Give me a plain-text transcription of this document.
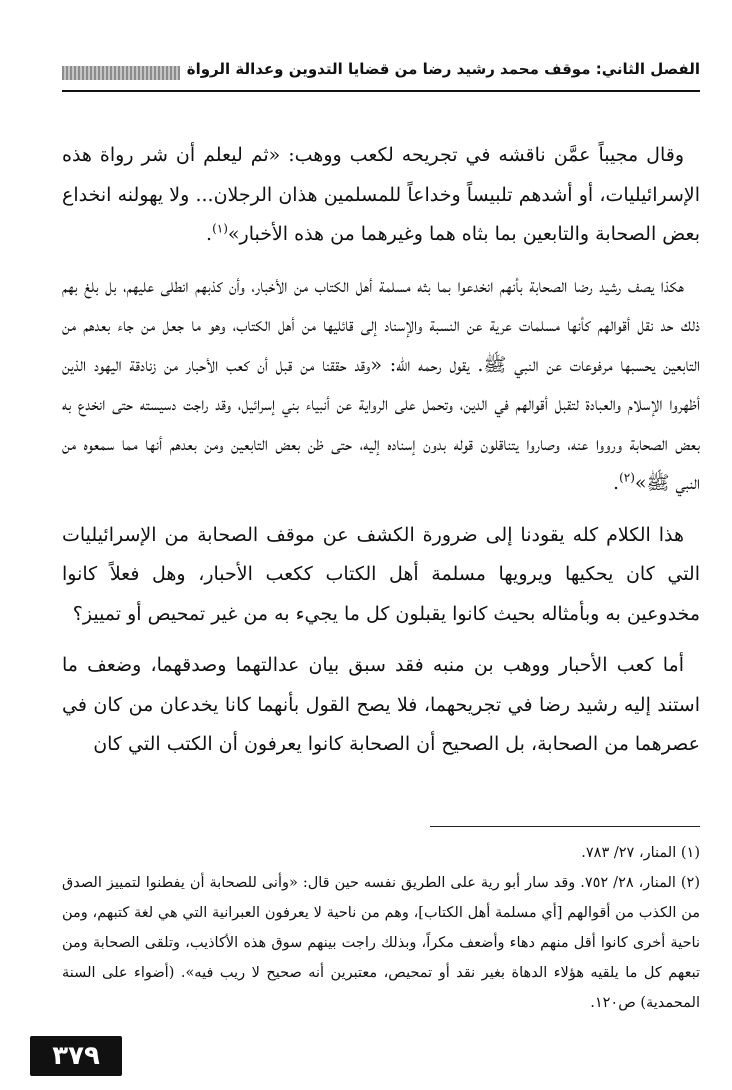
الفصل الثاني: موقف محمد رشيد رضا من قضايا التدوين وعدالة الرواة

وقال مجيباً عمَّن ناقشه في تجريحه لكعب ووهب: «ثم ليعلم أن شر رواة هذه الإسرائيليات، أو أشدهم تلبيساً وخداعاً للمسلمين هذان الرجلان... ولا يهولنه انخداع بعض الصحابة والتابعين بما بثاه هما وغيرهما من هذه الأخبار»$^{(١)}$.

هكذا يصف رشيد رضا الصحابة بأنهم انخدعوا بما بثه مسلمة أهل الكتاب من الأخبار، وأن كذبهم انطلى عليهم، بل بلغ بهم ذلك حد نقل أقوالهم كأنها مسلمات عرية عن النسبة والإسناد إلى قائليها من أهل الكتاب، وهو ما جعل من جاء بعدهم من التابعين يحسبها مرفوعات عن النبي ﷺ. يقول رحمه الله: «وقد حققنا من قبل أن كعب الأحبار من زنادقة اليهود الذين أظهروا الإسلام والعبادة لتقبل أقوالهم في الدين، وتحمل على الرواية عن أنبياء بني إسرائيل، وقد راجت دسيسته حتى انخدع به بعض الصحابة ورووا عنه، وصاروا يتناقلون قوله بدون إسناده إليه، حتى ظن بعض التابعين ومن بعدهم أنها مما سمعوه من النبي ﷺ»$^{(٢)}$.

هذا الكلام كله يقودنا إلى ضرورة الكشف عن موقف الصحابة من الإسرائيليات التي كان يحكيها ويرويها مسلمة أهل الكتاب ككعب الأحبار، وهل فعلاً كانوا مخدوعين به وبأمثاله بحيث كانوا يقبلون كل ما يجيء به من غير تمحيص أو تمييز؟

أما كعب الأحبار ووهب بن منبه فقد سبق بيان عدالتهما وصدقهما، وضعف ما استند إليه رشيد رضا في تجريحهما، فلا يصح القول بأنهما كانا يخدعان من كان في عصرهما من الصحابة، بل الصحيح أن الصحابة كانوا يعرفون أن الكتب التي كان

(١) المنار، ٢٧/ ٧٨٣.

(٢) المنار، ٢٨/ ٧٥٢. وقد سار أبو رية على الطريق نفسه حين قال: «وأنى للصحابة أن يفطنوا لتمييز الصدق من الكذب من أقوالهم [أي مسلمة أهل الكتاب]، وهم من ناحية لا يعرفون العبرانية التي هي لغة كتبهم، ومن ناحية أخرى كانوا أقل منهم دهاء وأضعف مكراً، وبذلك راجت بينهم سوق هذه الأكاذيب، وتلقى الصحابة ومن تبعهم كل ما يلقيه هؤلاء الدهاة بغير نقد أو تمحيص، معتبرين أنه صحيح لا ريب فيه». (أضواء على السنة المحمدية) ص١٢٠.

٣٧٩
